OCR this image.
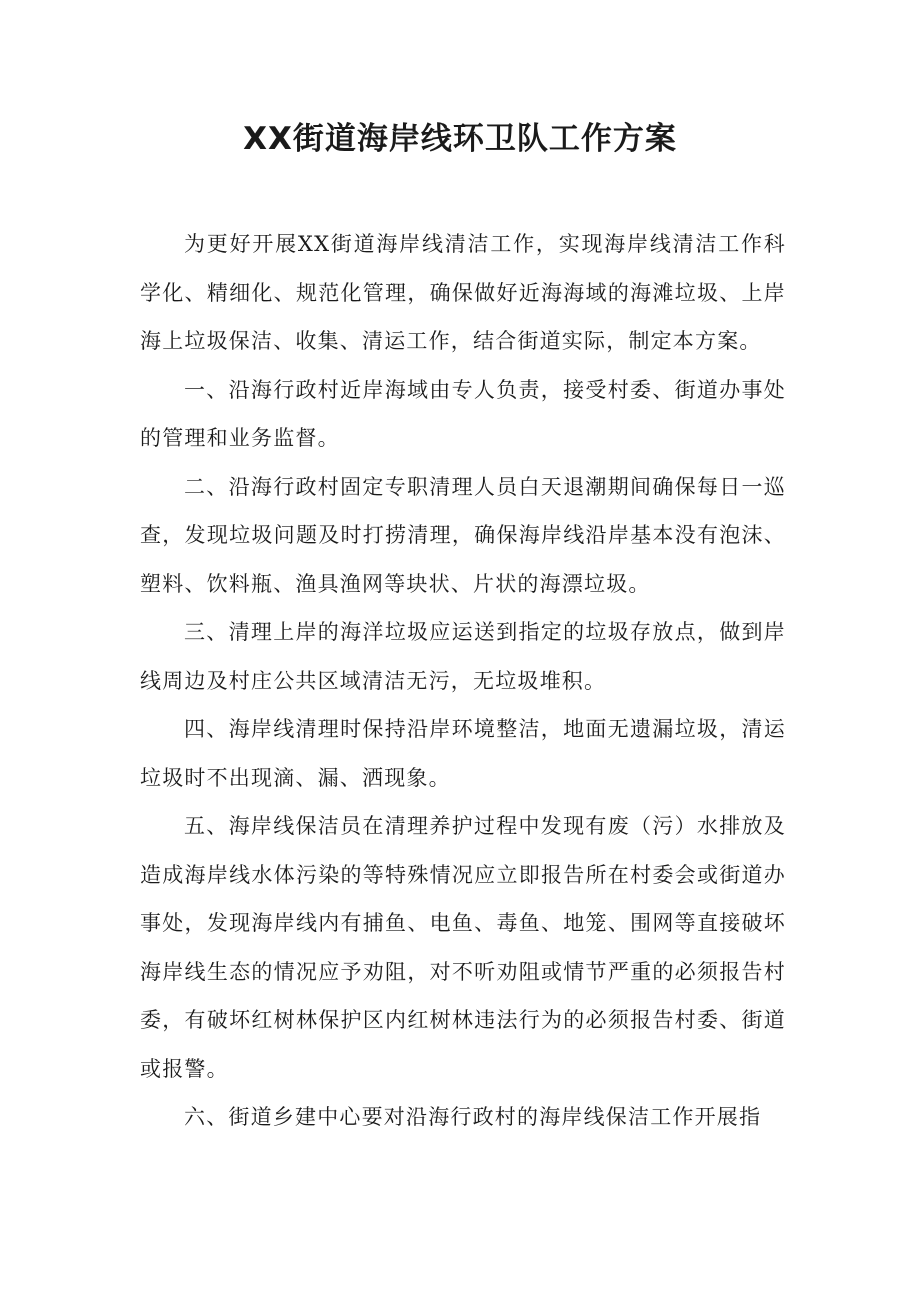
XX街道海岸线环卫队工作方案

为更好开展XX街道海岸线清洁工作，实现海岸线清洁工作科学化、精细化、规范化管理，确保做好近海海域的海滩垃圾、上岸海上垃圾保洁、收集、清运工作，结合街道实际，制定本方案。

一、沿海行政村近岸海域由专人负责，接受村委、街道办事处的管理和业务监督。

二、沿海行政村固定专职清理人员白天退潮期间确保每日一巡查，发现垃圾问题及时打捞清理，确保海岸线沿岸基本没有泡沫、塑料、饮料瓶、渔具渔网等块状、片状的海漂垃圾。

三、清理上岸的海洋垃圾应运送到指定的垃圾存放点，做到岸线周边及村庄公共区域清洁无污，无垃圾堆积。

四、海岸线清理时保持沿岸环境整洁，地面无遗漏垃圾，清运垃圾时不出现滴、漏、洒现象。

五、海岸线保洁员在清理养护过程中发现有废（污）水排放及造成海岸线水体污染的等特殊情况应立即报告所在村委会或街道办事处，发现海岸线内有捕鱼、电鱼、毒鱼、地笼、围网等直接破坏海岸线生态的情况应予劝阻，对不听劝阻或情节严重的必须报告村委，有破坏红树林保护区内红树林违法行为的必须报告村委、街道或报警。

六、街道乡建中心要对沿海行政村的海岸线保洁工作开展指
